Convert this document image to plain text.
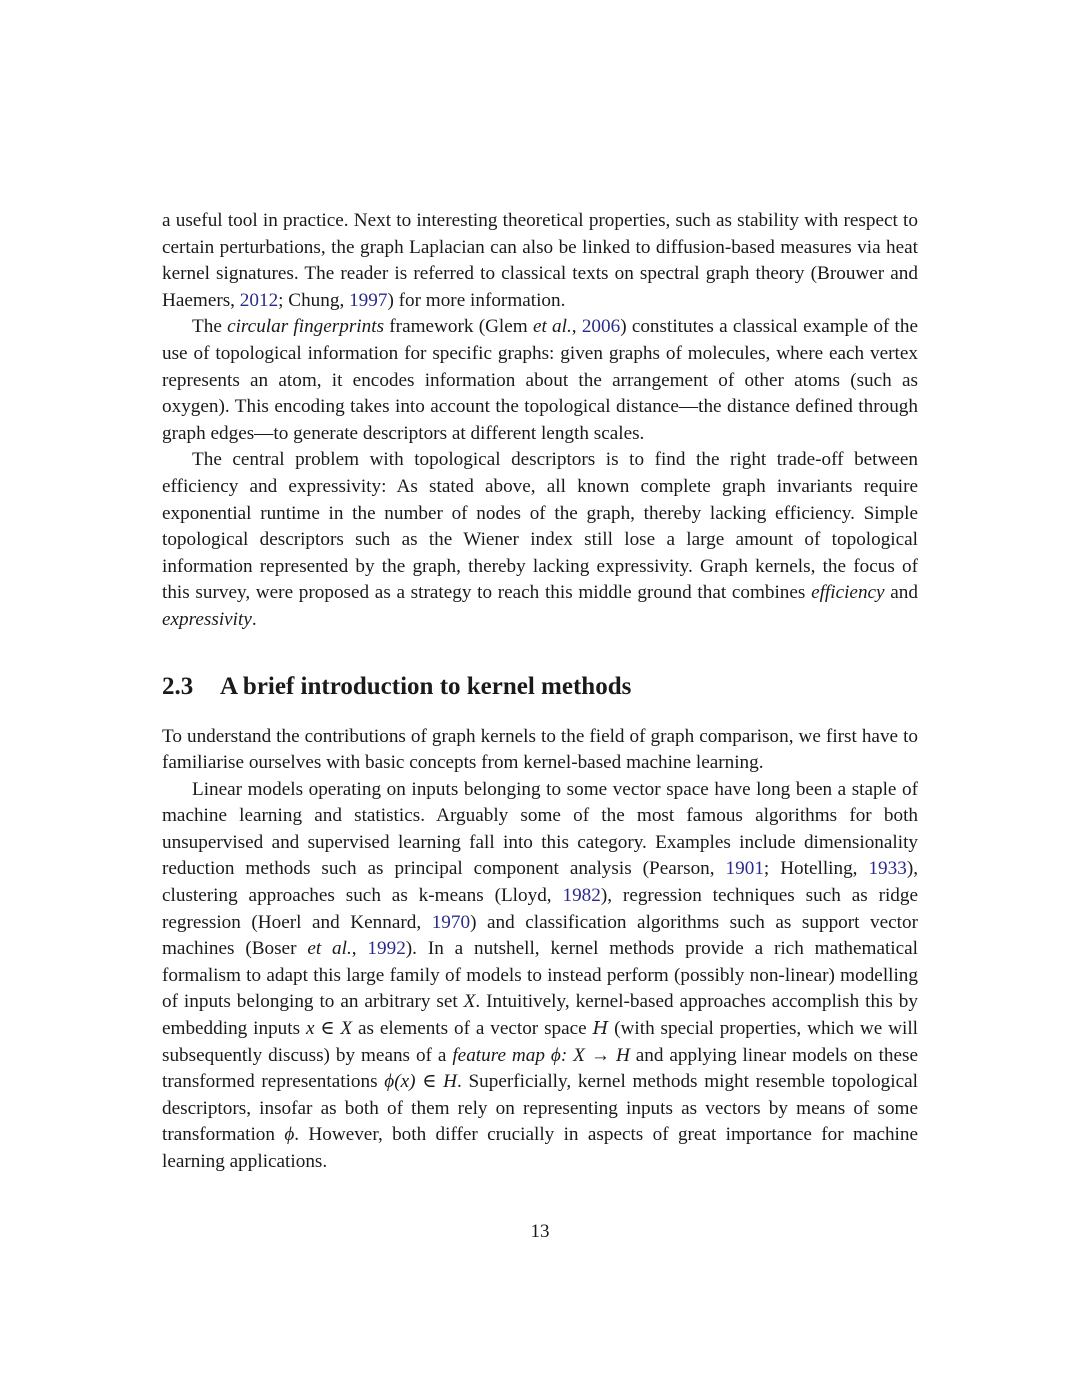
a useful tool in practice. Next to interesting theoretical properties, such as stability with respect to certain perturbations, the graph Laplacian can also be linked to diffusion-based measures via heat kernel signatures. The reader is referred to classical texts on spectral graph theory (Brouwer and Haemers, 2012; Chung, 1997) for more information.

The circular fingerprints framework (Glem et al., 2006) constitutes a classical example of the use of topological information for specific graphs: given graphs of molecules, where each vertex represents an atom, it encodes information about the arrangement of other atoms (such as oxygen). This encoding takes into account the topological distance—the distance defined through graph edges—to generate descriptors at different length scales.

The central problem with topological descriptors is to find the right trade-off between efficiency and expressivity: As stated above, all known complete graph invariants require exponential runtime in the number of nodes of the graph, thereby lacking efficiency. Simple topological descriptors such as the Wiener index still lose a large amount of topological information represented by the graph, thereby lacking expressivity. Graph kernels, the focus of this survey, were proposed as a strategy to reach this middle ground that combines efficiency and expressivity.

2.3	A brief introduction to kernel methods

To understand the contributions of graph kernels to the field of graph comparison, we first have to familiarise ourselves with basic concepts from kernel-based machine learning.

Linear models operating on inputs belonging to some vector space have long been a staple of machine learning and statistics. Arguably some of the most famous algorithms for both unsupervised and supervised learning fall into this category. Examples include dimensionality reduction methods such as principal component analysis (Pearson, 1901; Hotelling, 1933), clustering approaches such as k-means (Lloyd, 1982), regression techniques such as ridge regression (Hoerl and Kennard, 1970) and classification algorithms such as support vector machines (Boser et al., 1992). In a nutshell, kernel methods provide a rich mathematical formalism to adapt this large family of models to instead perform (possibly non-linear) modelling of inputs belonging to an arbitrary set X. Intuitively, kernel-based approaches accomplish this by embedding inputs x ∈ X as elements of a vector space H (with special properties, which we will subsequently discuss) by means of a feature map ϕ: X → H and applying linear models on these transformed representations ϕ(x) ∈ H. Superficially, kernel methods might resemble topological descriptors, insofar as both of them rely on representing inputs as vectors by means of some transformation ϕ. However, both differ crucially in aspects of great importance for machine learning applications.

13
